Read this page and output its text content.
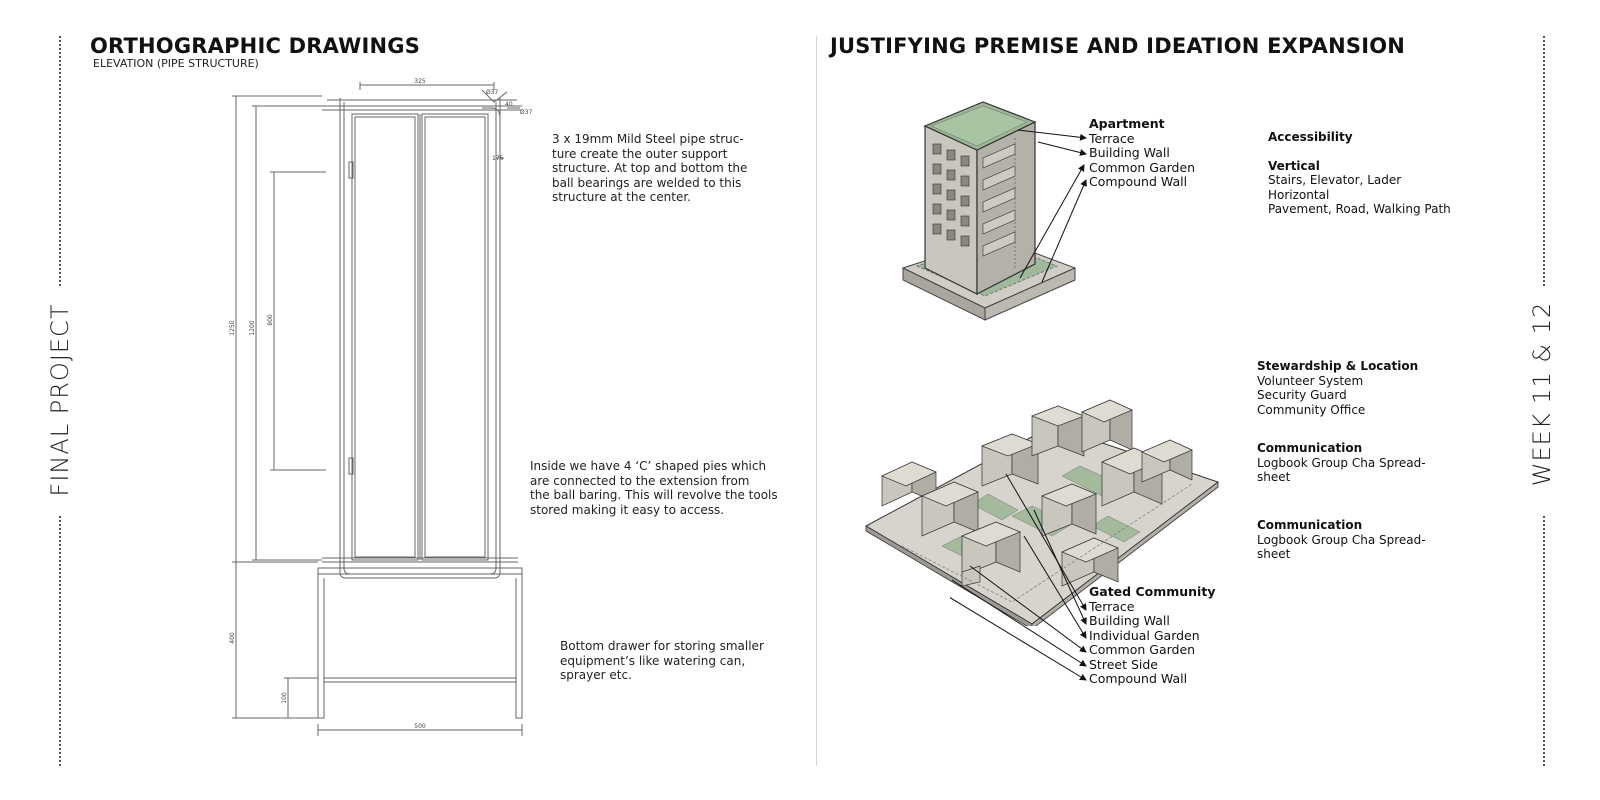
FINAL PROJECT	WEEK 11 & 12
ORTHOGRAPHIC DRAWINGS
ELEVATION (PIPE STRUCTURE)
325
Ø37
40
Ø37
175
1250 1200
800
400
100
500
3 x 19mm Mild Steel pipe struc-
ture create the outer support
structure. At top and bottom the
ball bearings are welded to this
structure at the center.
Inside we have 4 ‘C’ shaped pies which
are connected to the extension from
the ball baring. This will revolve the tools
stored making it easy to access.
Bottom drawer for storing smaller
equipment’s like watering can,
sprayer etc.
JUSTIFYING PREMISE AND IDEATION EXPANSION
Apartment
Terrace
Building Wall
Common Garden
Compound Wall
Gated Community
Terrace
Building Wall
Individual Garden
Common Garden
Street Side
Compound Wall
Accessibility
Vertical
Stairs, Elevator, Lader
Horizontal
Pavement, Road, Walking Path
Stewardship & Location
Volunteer System
Security Guard
Community Office
Communication
Logbook Group Cha Spread-
sheet
Communication
Logbook Group Cha Spread-
sheet
